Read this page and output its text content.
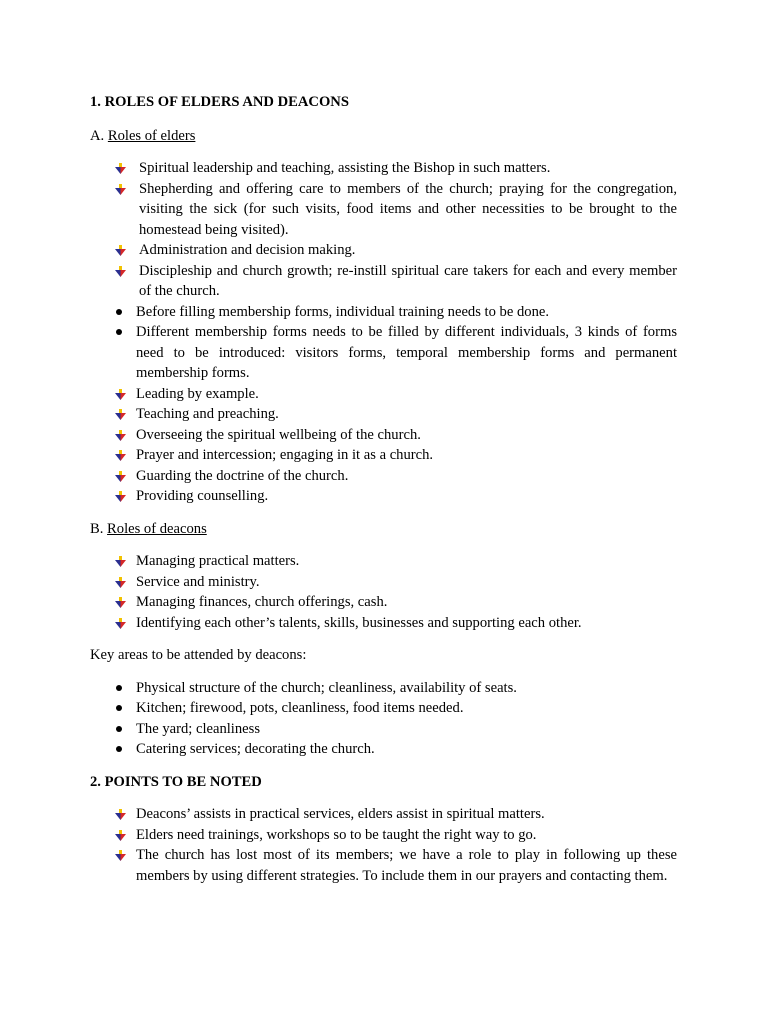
1. ROLES OF ELDERS AND DEACONS

A. Roles of elders

Spiritual leadership and teaching, assisting the Bishop in such matters.
Shepherding and offering care to members of the church; praying for the congregation, visiting the sick (for such visits, food items and other necessities to be brought to the homestead being visited).
Administration and decision making.
Discipleship and church growth; re-instill spiritual care takers for each and every member of the church.
Before filling membership forms, individual training needs to be done.
Different membership forms needs to be filled by different individuals, 3 kinds of forms need to be introduced: visitors forms, temporal membership forms and permanent membership forms.
Leading by example.
Teaching and preaching.
Overseeing the spiritual wellbeing of the church.
Prayer and intercession; engaging in it as a church.
Guarding the doctrine of the church.
Providing counselling.

B. Roles of deacons

Managing practical matters.
Service and ministry.
Managing finances, church offerings, cash.
Identifying each other’s talents, skills, businesses and supporting each other.

Key areas to be attended by deacons:

Physical structure of the church; cleanliness, availability of seats.
Kitchen; firewood, pots, cleanliness, food items needed.
The yard; cleanliness
Catering services; decorating the church.

2. POINTS TO BE NOTED

Deacons’ assists in practical services, elders assist in spiritual matters.
Elders need trainings, workshops so to be taught the right way to go.
The church has lost most of its members; we have a role to play in following up these members by using different strategies. To include them in our prayers and contacting them.
